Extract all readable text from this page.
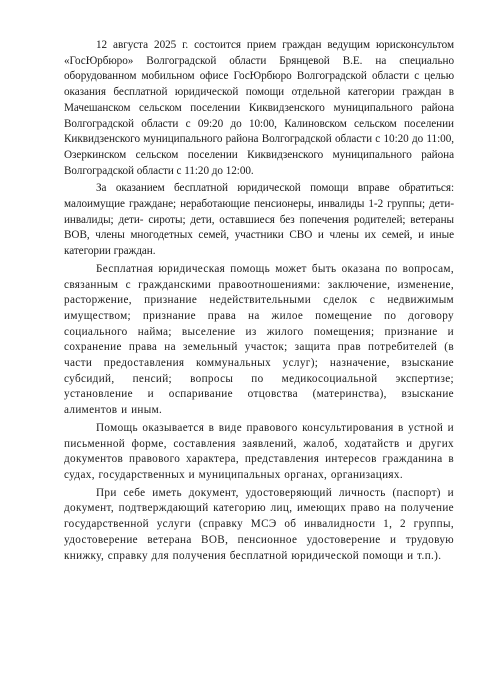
12 августа 2025 г. состоится прием граждан ведущим юрисконсультом «ГосЮрбюро» Волгоградской области Брянцевой В.Е. на специально оборудованном мобильном офисе ГосЮрбюро Волгоградской области с целью оказания бесплатной юридической помощи отдельной категории граждан в Мачешанском сельском поселении Киквидзенского муниципального района Волгоградской области с 09:20 до 10:00, Калиновском сельском поселении Киквидзенского муниципального района Волгоградской области с 10:20 до 11:00, Озеркинском сельском поселении Киквидзенского муниципального района Волгоградской области с 11:20 до 12:00.

За оказанием бесплатной юридической помощи вправе обратиться: малоимущие граждане; неработающие пенсионеры, инвалиды 1-2 группы; дети-инвалиды; дети- сироты; дети, оставшиеся без попечения родителей; ветераны ВОВ, члены многодетных семей, участники СВО и члены их семей, и иные категории граждан.

Бесплатная юридическая помощь может быть оказана по вопросам, связанным с гражданскими правоотношениями: заключение, изменение, расторжение, признание недействительными сделок с недвижимым имуществом; признание права на жилое помещение по договору социального найма; выселение из жилого помещения; признание и сохранение права на земельный участок; защита прав потребителей (в части предоставления коммунальных услуг); назначение, взыскание субсидий, пенсий; вопросы по медикосоциальной экспертизе; установление и оспаривание отцовства (материнства), взыскание алиментов и иным.

Помощь оказывается в виде правового консультирования в устной и письменной форме, составления заявлений, жалоб, ходатайств и других документов правового характера, представления интересов гражданина в судах, государственных и муниципальных органах, организациях.

При себе иметь документ, удостоверяющий личность (паспорт) и документ, подтверждающий категорию лиц, имеющих право на получение государственной услуги (справку МСЭ об инвалидности 1, 2 группы, удостоверение ветерана ВОВ, пенсионное удостоверение и трудовую книжку, справку для получения бесплатной юридической помощи и т.п.).
